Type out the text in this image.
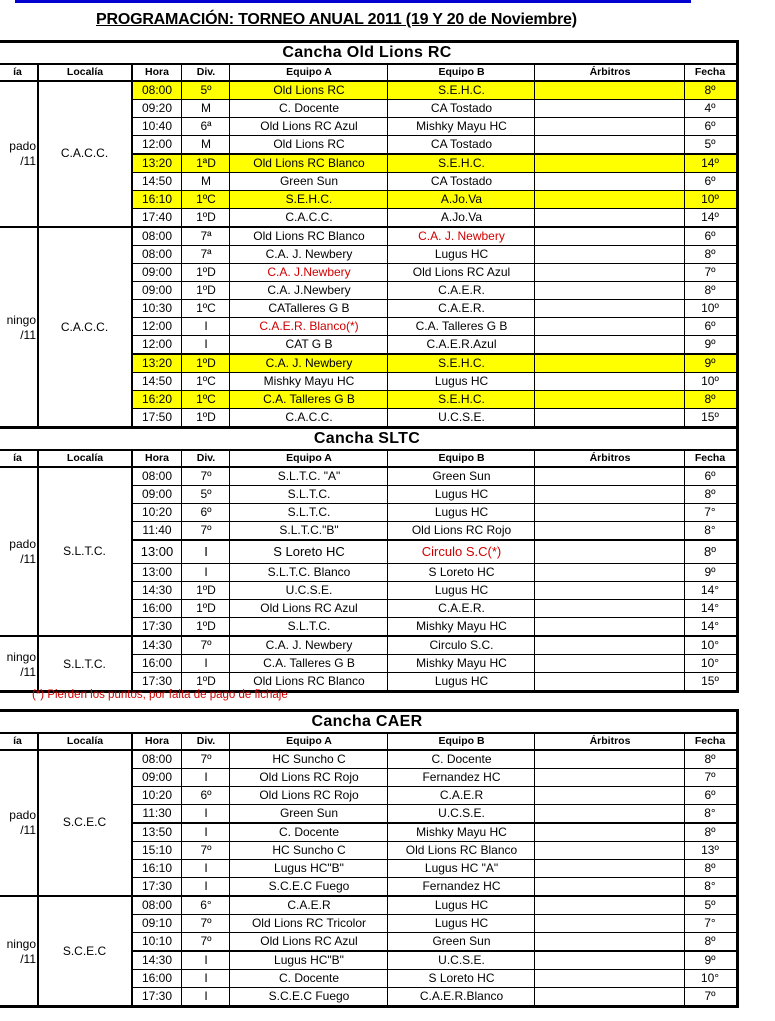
PROGRAMACIÓN: TORNEO ANUAL 2011 (19 Y 20 de Noviembre)
Cancha Old Lions RC
ía	Localía	Hora	Div.	Equipo A	Equipo B	Árbitros	Fecha
pado
/11
C.A.C.C.
08:00	5º	Old Lions RC	S.E.H.C.	8º
09:20	M	C. Docente	CA Tostado	4º
10:40	6ª	Old Lions RC Azul	Mishky Mayu HC	6º
12:00	M	Old Lions RC	CA Tostado	5º
13:20	1ªD	Old Lions RC Blanco	S.E.H.C.	14º
14:50	M	Green Sun	CA Tostado	6º
16:10	1ºC	S.E.H.C.	A.Jo.Va	10º
17:40	1ºD	C.A.C.C.	A.Jo.Va	14º
ningo
/11
C.A.C.C.
08:00	7ª	Old Lions RC Blanco	C.A. J. Newbery	6º
08:00	7ª	C.A. J. Newbery	Lugus HC	8º
09:00	1ºD	C.A. J.Newbery	Old Lions RC Azul	7º
09:00	1ºD	C.A. J.Newbery	C.A.E.R.	8º
10:30	1ºC	CATalleres G B	C.A.E.R.	10º
12:00	I	C.A.E.R. Blanco(*)	C.A. Talleres G B	6º
12:00	I	CAT G B	C.A.E.R.Azul	9º
13:20	1ºD	C.A. J. Newbery	S.E.H.C.	9º
14:50	1ºC	Mishky Mayu HC	Lugus HC	10º
16:20	1ºC	C.A. Talleres G B	S.E.H.C.	8º
17:50	1ºD	C.A.C.C.	U.C.S.E.	15º
Cancha SLTC
ía	Localía	Hora	Div.	Equipo A	Equipo B	Árbitros	Fecha
pado
/11
S.L.T.C.
08:00	7º	S.L.T.C. "A"	Green Sun	6º
09:00	5º	S.L.T.C.	Lugus HC	8º
10:20	6º	S.L.T.C.	Lugus HC	7°
11:40	7º	S.L.T.C."B"	Old Lions RC Rojo	8°
13:00	I	S Loreto HC	Circulo S.C(*)	8º
13:00	I	S.L.T.C. Blanco	S Loreto HC	9º
14:30	1ºD	U.C.S.E.	Lugus HC	14°
16:00	1ºD	Old Lions RC Azul	C.A.E.R.	14°
17:30	1ºD	S.L.T.C.	Mishky Mayu HC	14°
ningo
/11
S.L.T.C.
14:30	7º	C.A. J. Newbery	Circulo S.C.	10°
16:00	I	C.A. Talleres G B	Mishky Mayu HC	10°
17:30	1ºD	Old Lions RC Blanco	Lugus HC	15º
Cancha CAER
ía	Localía	Hora	Div.	Equipo A	Equipo B	Árbitros	Fecha
pado
/11
S.C.E.C
08:00	7º	HC Suncho C	C. Docente	8º
09:00	I	Old Lions RC Rojo	Fernandez HC	7º
10:20	6º	Old Lions RC Rojo	C.A.E.R	6º
11:30	I	Green Sun	U.C.S.E.	8°
13:50	I	C. Docente	Mishky Mayu HC	8º
15:10	7º	HC Suncho C	Old Lions RC Blanco	13º
16:10	I	Lugus HC"B"	Lugus HC "A"	8º
17:30	I	S.C.E.C Fuego	Fernandez HC	8°
ningo
/11
S.C.E.C
08:00	6°	C.A.E.R	Lugus HC	5º
09:10	7º	Old Lions RC Tricolor	Lugus HC	7°
10:10	7º	Old Lions RC Azul	Green Sun	8º
14:30	I	Lugus HC"B"	U.C.S.E.	9º
16:00	I	C. Docente	S Loreto HC	10°
17:30	I	S.C.E.C Fuego	C.A.E.R.Blanco	7º
(*) Pierden los puntos, por falta de pago de fichaje
